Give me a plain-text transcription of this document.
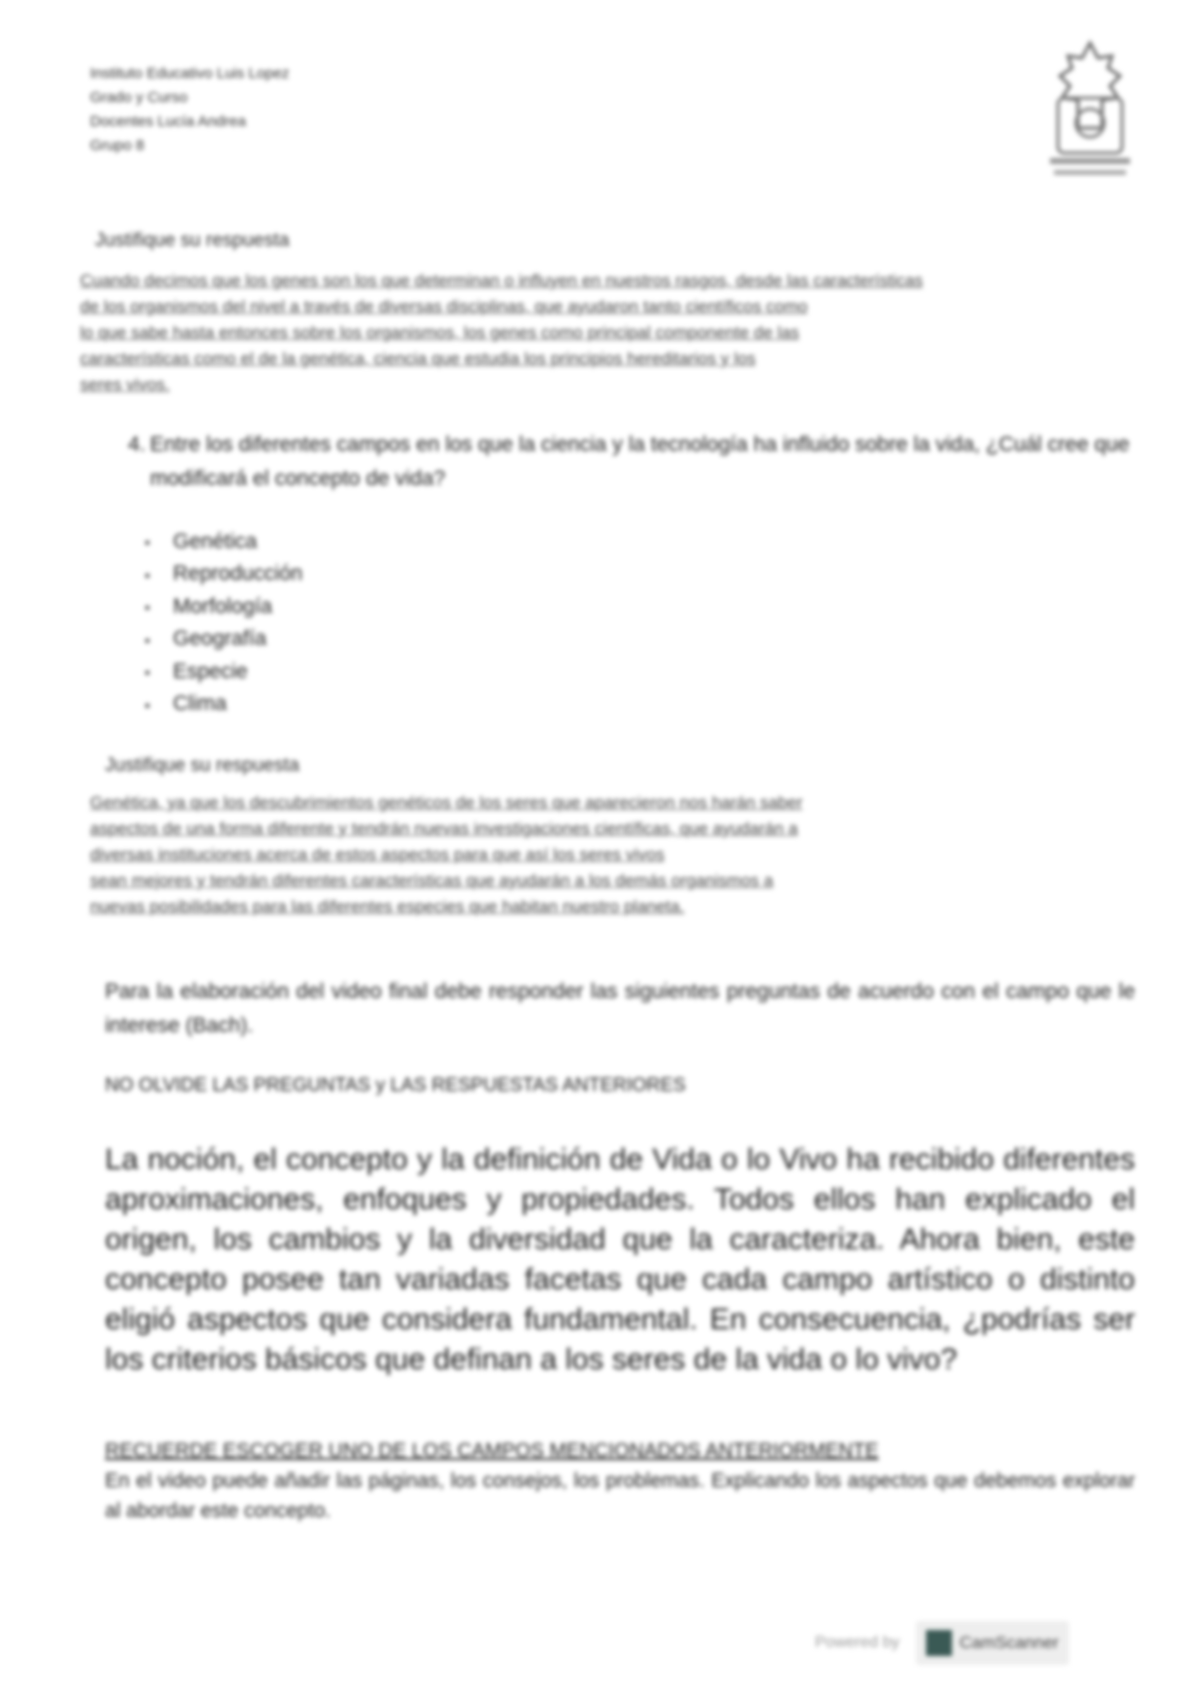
Instituto Educativo Luis Lopez
Grado y Curso
Docentes Lucía Andrea
Grupo 8
Justifique su respuesta
Cuando decimos que los genes son los que determinan o influyen en nuestros rasgos, desde las características
de los organismos del nivel a través de diversas disciplinas, que ayudaron tanto científicos como
lo que sabe hasta entonces sobre los organismos, los genes como principal componente de las
características como el de la genética, ciencia que estudia los principios hereditarios y los
seres vivos.
4. Entre los diferentes campos en los que la ciencia y la tecnología ha influido sobre la vida, ¿Cuál cree que modificará el concepto de vida?
▪ Genética
▪ Reproducción
▪ Morfología
▪ Geografía
▪ Especie
▪ Clima
Justifique su respuesta
Genética, ya que los descubrimientos genéticos de los seres que aparecieron nos harán saber
aspectos de una forma diferente y tendrán nuevas investigaciones científicas, que ayudarán a
diversas instituciones acerca de estos aspectos para que así los seres vivos
sean mejores y tendrán diferentes características que ayudarán a los demás organismos a
nuevas posibilidades para las diferentes especies que habitan nuestro planeta.
Para la elaboración del video final debe responder las siguientes preguntas de acuerdo con el campo que le interese (Bach).
NO OLVIDE LAS PREGUNTAS y LAS RESPUESTAS ANTERIORES
La noción, el concepto y la definición de Vida o lo Vivo ha recibido diferentes aproximaciones, enfoques y propiedades. Todos ellos han explicado el origen, los cambios y la diversidad que la caracteriza. Ahora bien, este concepto posee tan variadas facetas que cada campo artístico o distinto eligió aspectos que considera fundamental. En consecuencia, ¿podrías ser los criterios básicos que definan a los seres de la vida o lo vivo?
RECUERDE ESCOGER UNO DE LOS CAMPOS MENCIONADOS ANTERIORMENTE
En el video puede añadir las páginas, los consejos, los problemas. Explicando los aspectos que debemos explorar al abordar este concepto.
Powered by	CamScanner
